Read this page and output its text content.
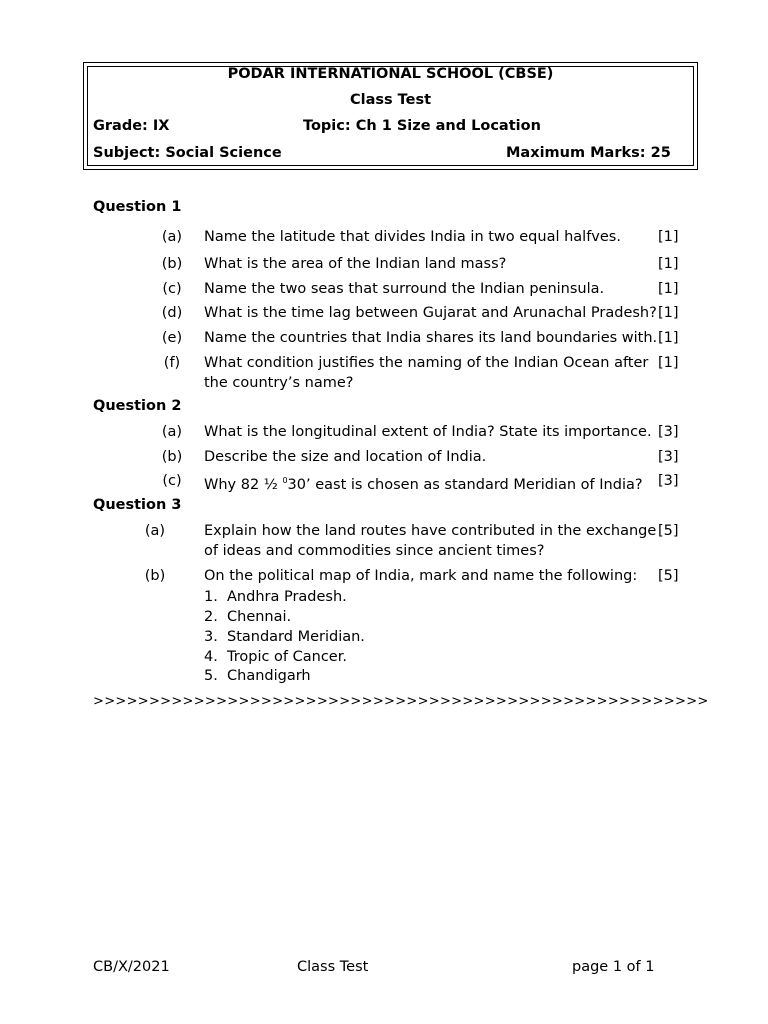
PODAR INTERNATIONAL SCHOOL (CBSE)
Class Test
Grade: IX	Topic: Ch 1 Size and Location
Subject: Social Science	Maximum Marks: 25
Question 1
(a)	Name the latitude that divides India in two equal halfves.	[1]
(b)	What is the area of the Indian land mass?	[1]
(c)	Name the two seas that surround the Indian peninsula.	[1]
(d)	What is the time lag between Gujarat and Arunachal Pradesh? [1]
(e)	Name the countries that India shares its land boundaries with. [1]
(f)	What condition justifies the naming of the Indian Ocean after
the country’s name?
[1]
Question 2
(a)	What is the longitudinal extent of India? State its importance. [3]
(b)	Describe the size and location of India.	[3]
(c)	Why 82 ½ $^0$30’ east is chosen as standard Meridian of India? [3]
Question 3
(a)	Explain how the land routes have contributed in the exchange
of ideas and commodities since ancient times?
[5]
(b)	On the political map of India, mark and name the following: [5]
1. Andhra Pradesh.
2. Chennai.
3. Standard Meridian.
4. Tropic of Cancer.
5. Chandigarh
>>>>>>>>>>>>>>>>>>>>>>>>>>>>>>>>>>>>>>>>>>>>>>>>>>>>>>>
CB/X/2021	Class Test	page 1 of 1
